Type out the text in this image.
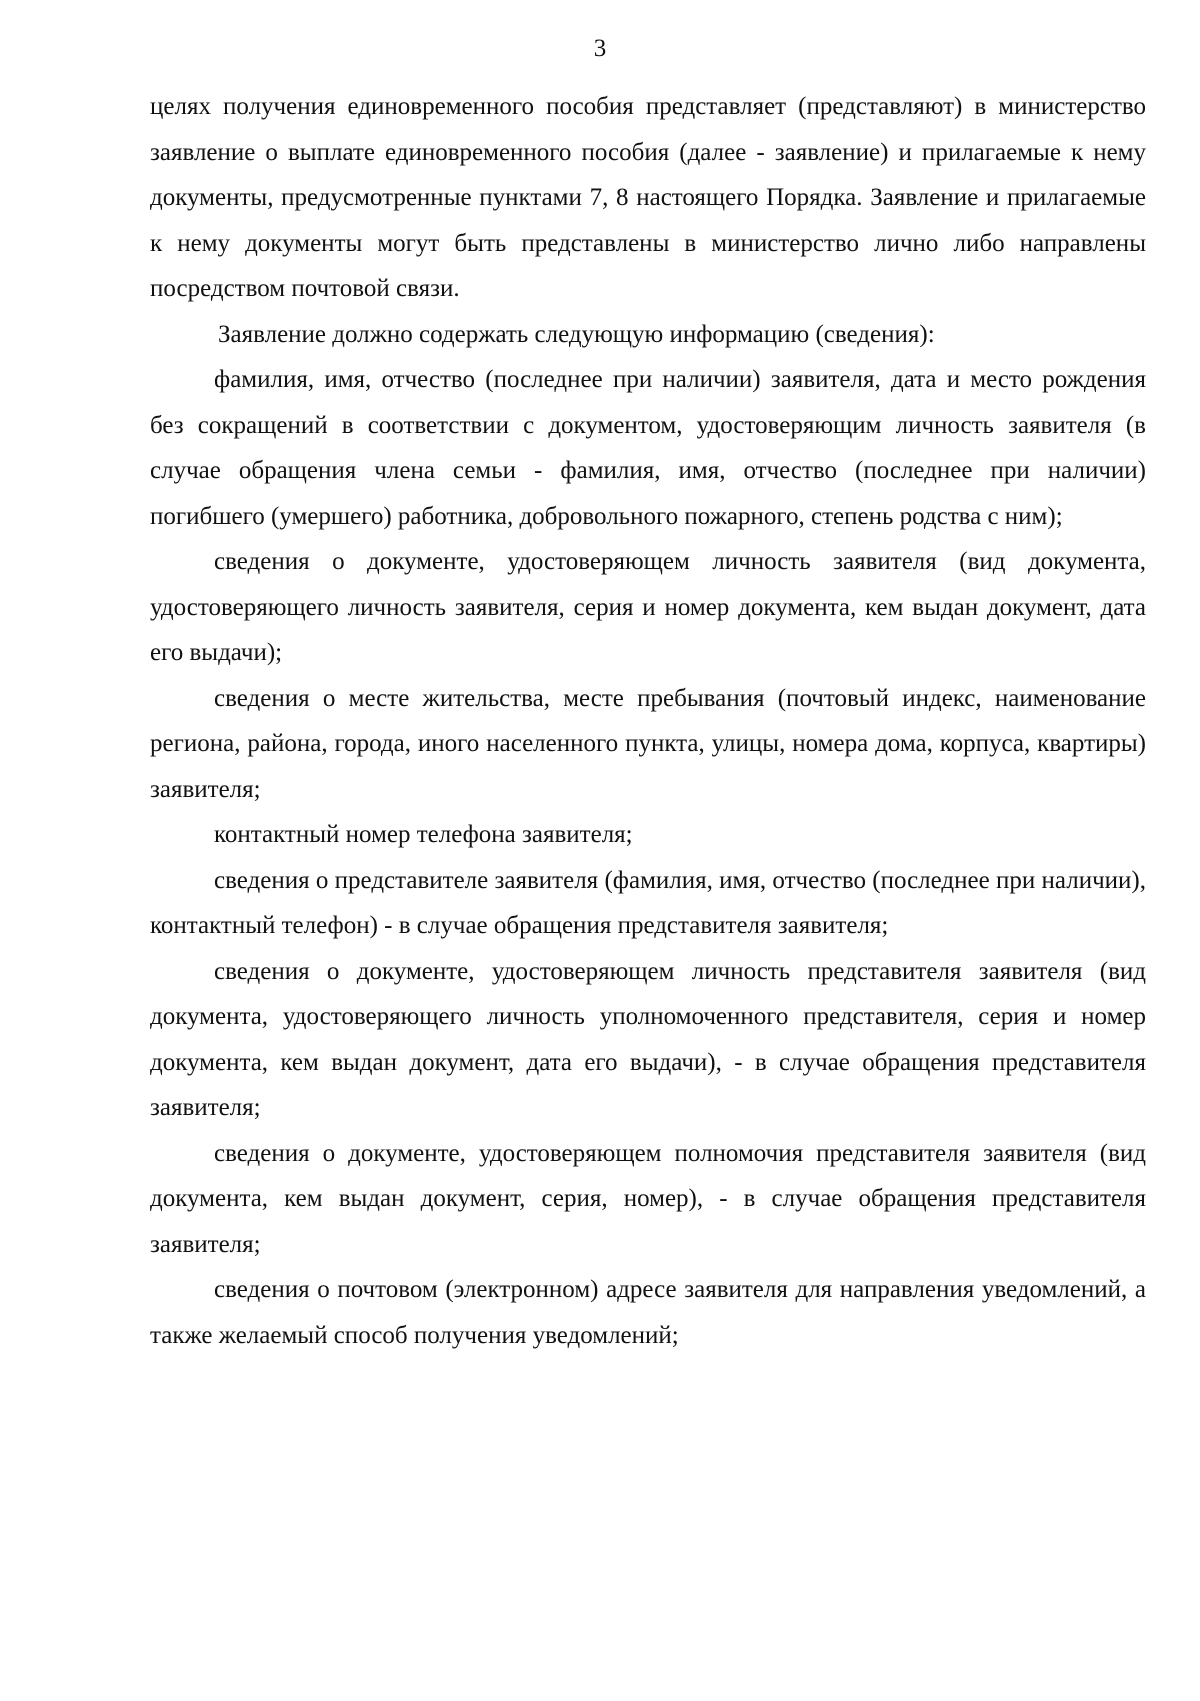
3

целях получения единовременного пособия представляет (представляют) в министерство заявление о выплате единовременного пособия (далее - заявление) и прилагаемые к нему документы, предусмотренные пунктами 7, 8 настоящего Порядка. Заявление и прилагаемые к нему документы могут быть представлены в министерство лично либо направлены посредством почтовой связи.

Заявление должно содержать следующую информацию (сведения):

фамилия, имя, отчество (последнее при наличии) заявителя, дата и место рождения без сокращений в соответствии с документом, удостоверяющим личность заявителя (в случае обращения члена семьи - фамилия, имя, отчество (последнее при наличии) погибшего (умершего) работника, добровольного пожарного, степень родства с ним);

сведения о документе, удостоверяющем личность заявителя (вид документа, удостоверяющего личность заявителя, серия и номер документа, кем выдан документ, дата его выдачи);

сведения о месте жительства, месте пребывания (почтовый индекс, наименование региона, района, города, иного населенного пункта, улицы, номера дома, корпуса, квартиры) заявителя;

контактный номер телефона заявителя;

сведения о представителе заявителя (фамилия, имя, отчество (последнее при наличии), контактный телефон) - в случае обращения представителя заявителя;

сведения о документе, удостоверяющем личность представителя заявителя (вид документа, удостоверяющего личность уполномоченного представителя, серия и номер документа, кем выдан документ, дата его выдачи), - в случае обращения представителя заявителя;

сведения о документе, удостоверяющем полномочия представителя заявителя (вид документа, кем выдан документ, серия, номер), - в случае обращения представителя заявителя;

сведения о почтовом (электронном) адресе заявителя для направления уведомлений, а также желаемый способ получения уведомлений;
